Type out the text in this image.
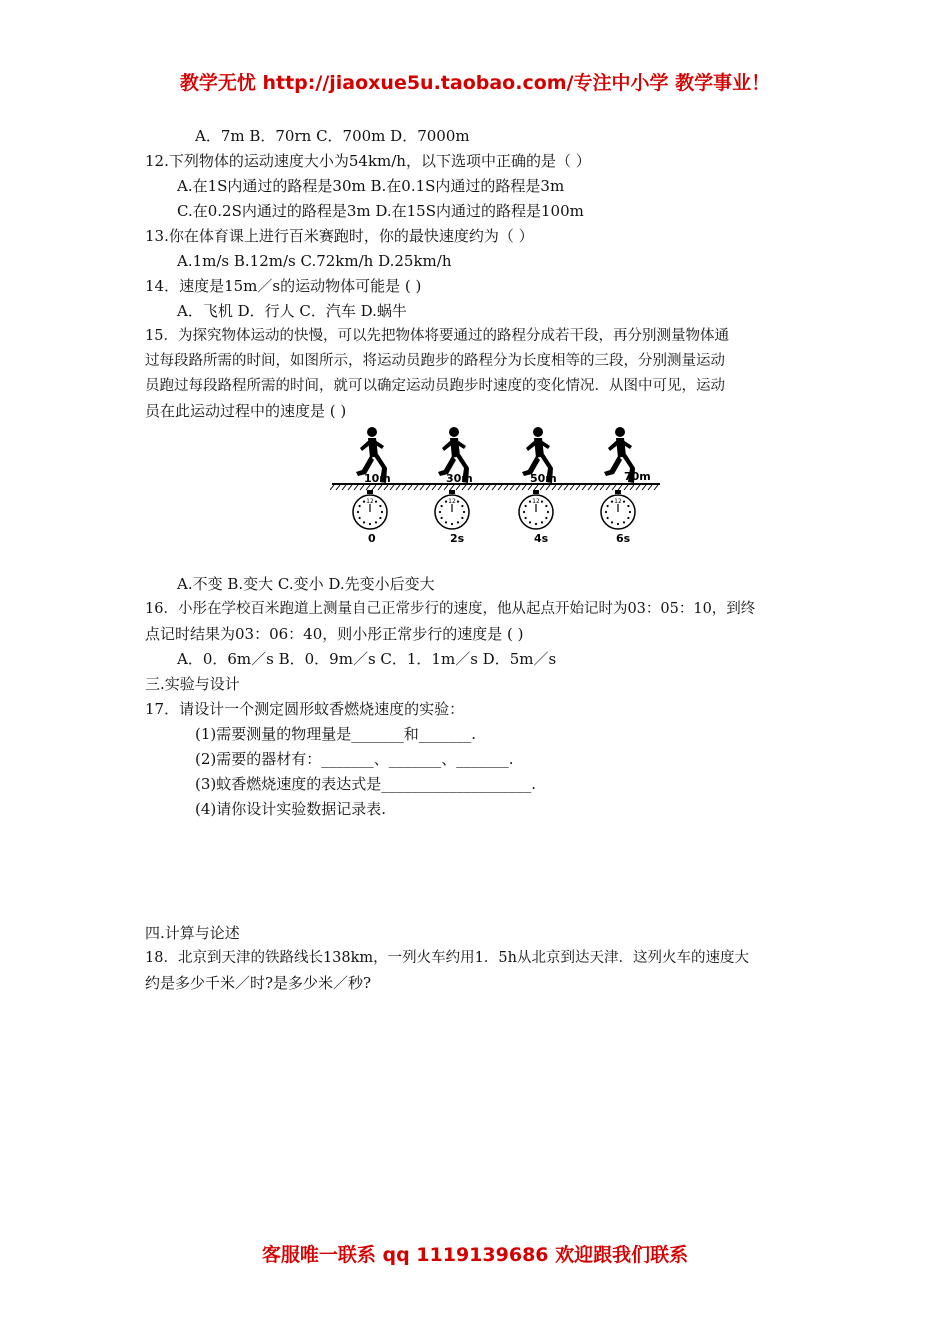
教学无忧 http://jiaoxue5u.taobao.com/专注中小学 教学事业！
A．7m B．70rn C．700m D．7000m
12.下列物体的运动速度大小为54km/h，以下选项中正确的是（ ）
A.在1S内通过的路程是30m B.在0.1S内通过的路程是3m
C.在0.2S内通过的路程是3m D.在15S内通过的路程是100m
13.你在体育课上进行百米赛跑时，你的最快速度约为（ ）
A.1m/s B.12m/s C.72km/h D.25km/h
14．速度是15m／s的运动物体可能是 ( )
A．飞机 D．行人 C．汽车 D.蜗牛
15．为探究物体运动的快慢，可以先把物体将要通过的路程分成若干段，再分别测量物体通
过每段路所需的时间，如图所示，将运动员跑步的路程分为长度相等的三段，分别测量运动
员跑过每段路程所需的时间，就可以确定运动员跑步时速度的变化情况．从图中可见，运动
员在此运动过程中的速度是 ( )
10m	30m	50m	70m
12	12	12	12
0	2s	4s	6s
A.不变 B.变大 C.变小 D.先变小后变大
16．小彤在学校百米跑道上测量自己正常步行的速度，他从起点开始记时为03：05：10，到终
点记时结果为03：06：40，则小彤正常步行的速度是 ( )
A．0．6m／s B．0．9m／s C．1．1m／s D．5m／s
三.实验与设计
17．请设计一个测定圆形蚊香燃烧速度的实验：
(1)需要测量的物理量是_______和_______.
(2)需要的器材有：_______、_______、_______.
(3)蚊香燃烧速度的表达式是____________________.
(4)请你设计实验数据记录表.
四.计算与论述
18．北京到天津的铁路线长138km，一列火车约用1．5h从北京到达天津．这列火车的速度大
约是多少千米／时?是多少米／秒?
客服唯一联系 qq 1119139686 欢迎跟我们联系
